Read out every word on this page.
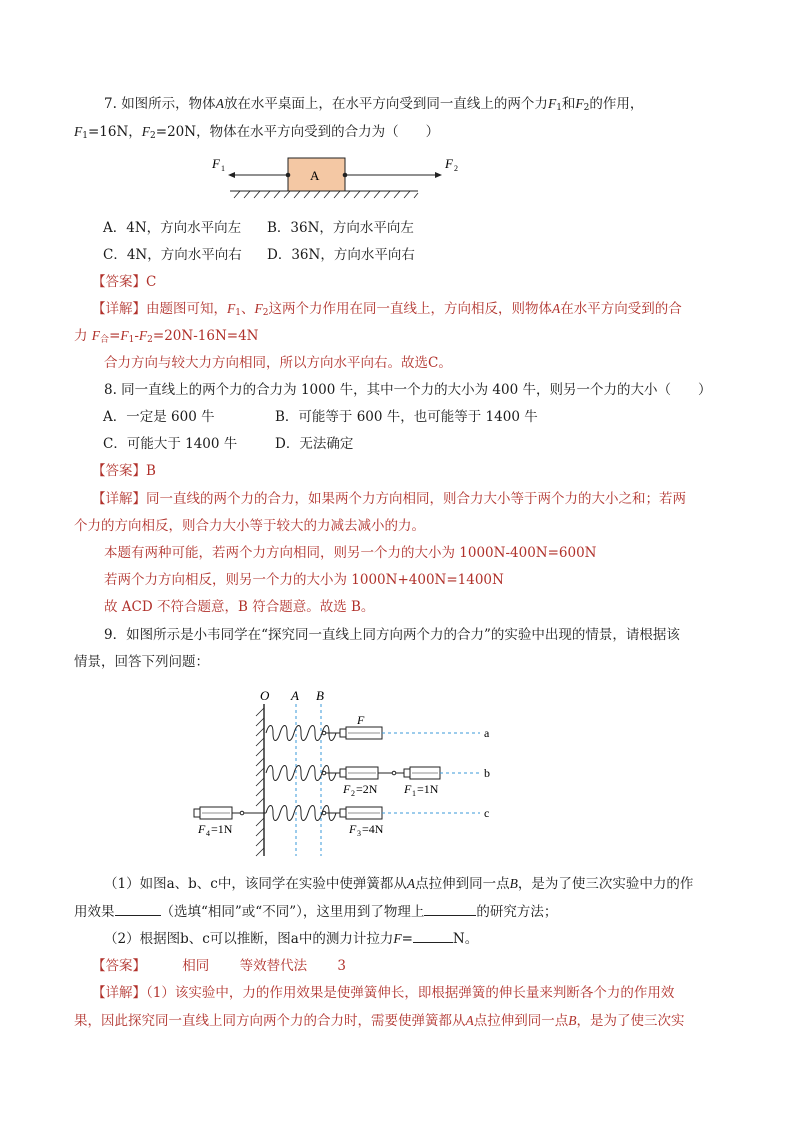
7. 如图所示，物体A放在水平桌面上，在水平方向受到同一直线上的两个力$F_1$和$F_2$的作用，
$F_1=16N$，$F_2=20N$，物体在水平方向受到的合力为（　　）
F 1	F 2
A
A．4N，方向水平向左 B．36N，方向水平向左
C．4N，方向水平向右 D．36N，方向水平向右
【答案】C
【详解】由题图可知，$F_1$、$F_2$这两个力作用在同一直线上，方向相反，则物体A在水平方向受到的合
力 $F_合=F_1-F_2=20N-16N=4N$
合力方向与较大力方向相同，所以方向水平向右。故选C。
8. 同一直线上的两个力的合力为 1000 牛，其中一个力的大小为 400 牛，则另一个力的大小（　　）
A．一定是 600 牛	B．可能等于 600 牛，也可能等于 1400 牛
C．可能大于 1400 牛	D．无法确定
【答案】B
【详解】同一直线的两个力的合力，如果两个力方向相同，则合力大小等于两个力的大小之和；若两
个力的方向相反，则合力大小等于较大的力减去减小的力。
本题有两种可能，若两个力方向相同，则另一个力的大小为 1000N-400N=600N
若两个力方向相反，则另一个力的大小为 1000N+400N=1400N
故 ACD 不符合题意，B 符合题意。故选 B。
9．如图所示是小韦同学在“探究同一直线上同方向两个力的合力”的实验中出现的情景，请根据该
情景，回答下列问题：
O A B
F
a
b
F 2 =2N F 1 =1N
c
F 3 =4N
F 4 =1N
（1）如图a、b、c中，该同学在实验中使弹簧都从A点拉伸到同一点B，是为了使三次实验中力的作
用效果	（选填“相同”或“不同”），这里用到了物理上	的研究方法；
（2）根据图b、c可以推断，图a中的测力计拉力F=	N。
【答案】	相同 等效替代法 3
【详解】（1）该实验中，力的作用效果是使弹簧伸长，即根据弹簧的伸长量来判断各个力的作用效
果，因此探究同一直线上同方向两个力的合力时，需要使弹簧都从A点拉伸到同一点B，是为了使三次实
